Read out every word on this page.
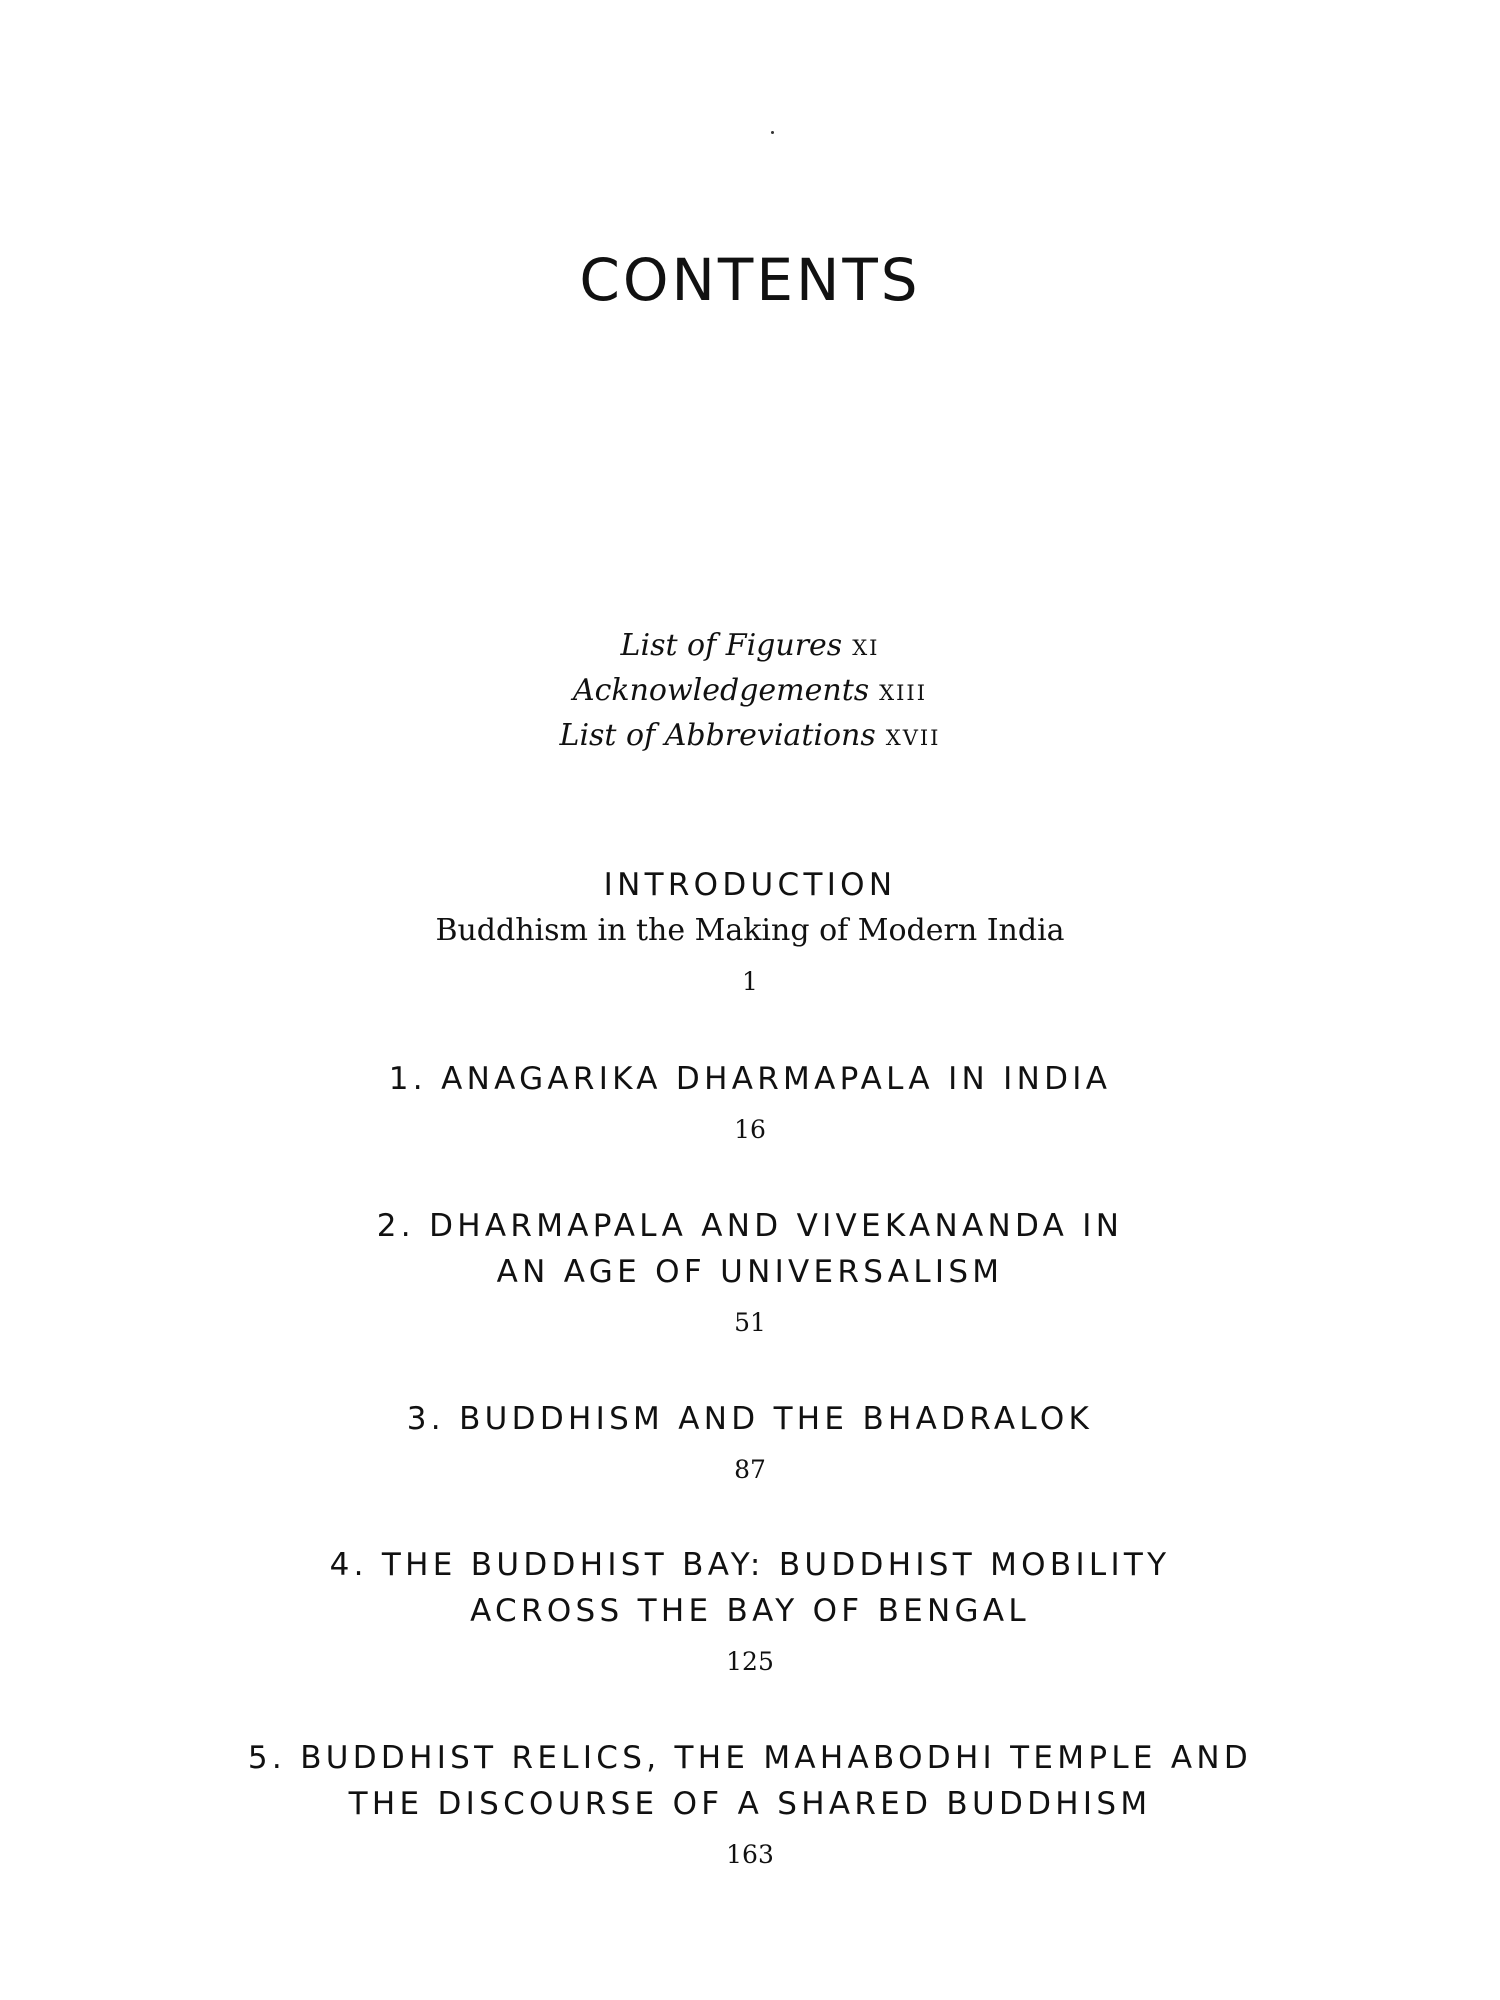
CONTENTS
List of Figures xi
Acknowledgements xiii
List of Abbreviations xvii
INTRODUCTION
Buddhism in the Making of Modern India
1
1. ANAGARIKA DHARMAPALA IN INDIA
16
2. DHARMAPALA AND VIVEKANANDA IN
AN AGE OF UNIVERSALISM
51
3. BUDDHISM AND THE BHADRALOK
87
4. THE BUDDHIST BAY: BUDDHIST MOBILITY
ACROSS THE BAY OF BENGAL
125
5. BUDDHIST RELICS, THE MAHABODHI TEMPLE AND
THE DISCOURSE OF A SHARED BUDDHISM
163
